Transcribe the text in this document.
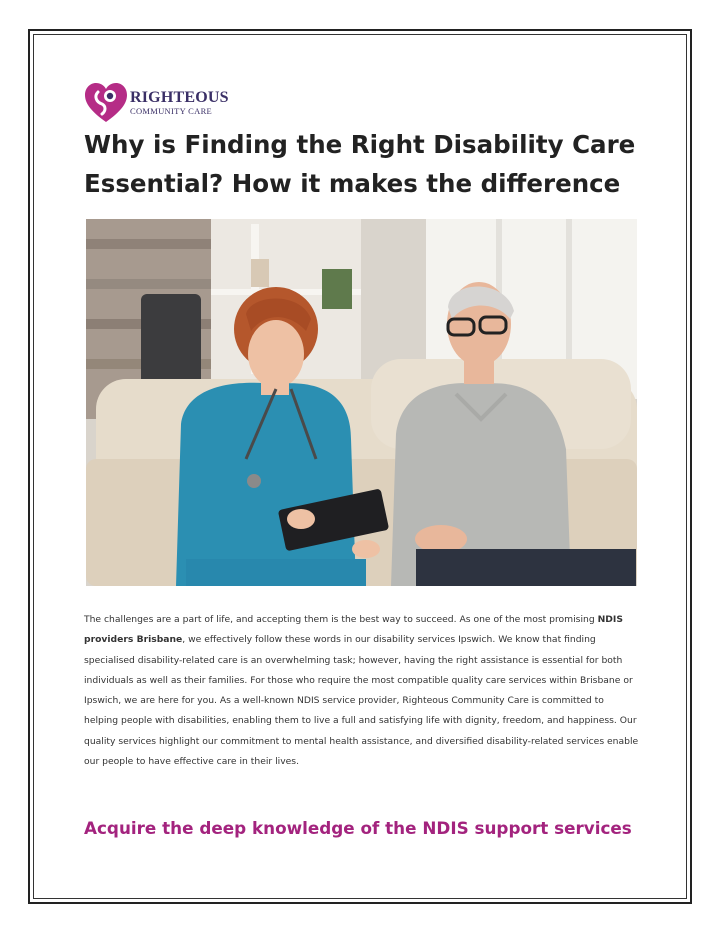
RIGHTEOUS
COMMUNITY CARE
Why is Finding the Right Disability Care Essential? How it makes the difference

The challenges are a part of life, and accepting them is the best way to succeed. As one of the most promising NDIS providers Brisbane, we effectively follow these words in our disability services Ipswich. We know that finding specialised disability-related care is an overwhelming task; however, having the right assistance is essential for both individuals as well as their families. For those who require the most compatible quality care services within Brisbane or Ipswich, we are here for you. As a well-known NDIS service provider, Righteous Community Care is committed to helping people with disabilities, enabling them to live a full and satisfying life with dignity, freedom, and happiness. Our quality services highlight our commitment to mental health assistance, and diversified disability-related services enable our people to have effective care in their lives.

Acquire the deep knowledge of the NDIS support services
